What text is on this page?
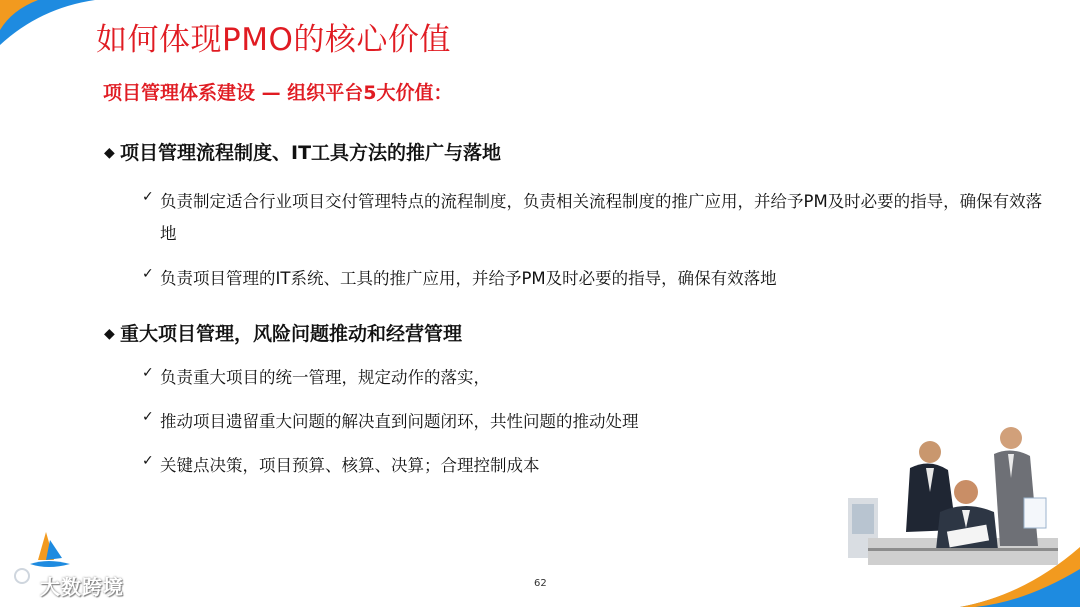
如何体现PMO的核心价值
项目管理体系建设 — 组织平台5大价值：
◆ 项目管理流程制度、IT工具方法的推广与落地
✓ 负责制定适合行业项目交付管理特点的流程制度，负责相关流程制度的推广应用，并给予PM及时必要的指导，确保有效落地
✓ 负责项目管理的IT系统、工具的推广应用，并给予PM及时必要的指导，确保有效落地
◆ 重大项目管理，风险问题推动和经营管理
✓ 负责重大项目的统一管理，规定动作的落实，
✓ 推动项目遗留重大问题的解决直到问题闭环，共性问题的推动处理
✓ 关键点决策，项目预算、核算、决算；合理控制成本
大数跨境	62
